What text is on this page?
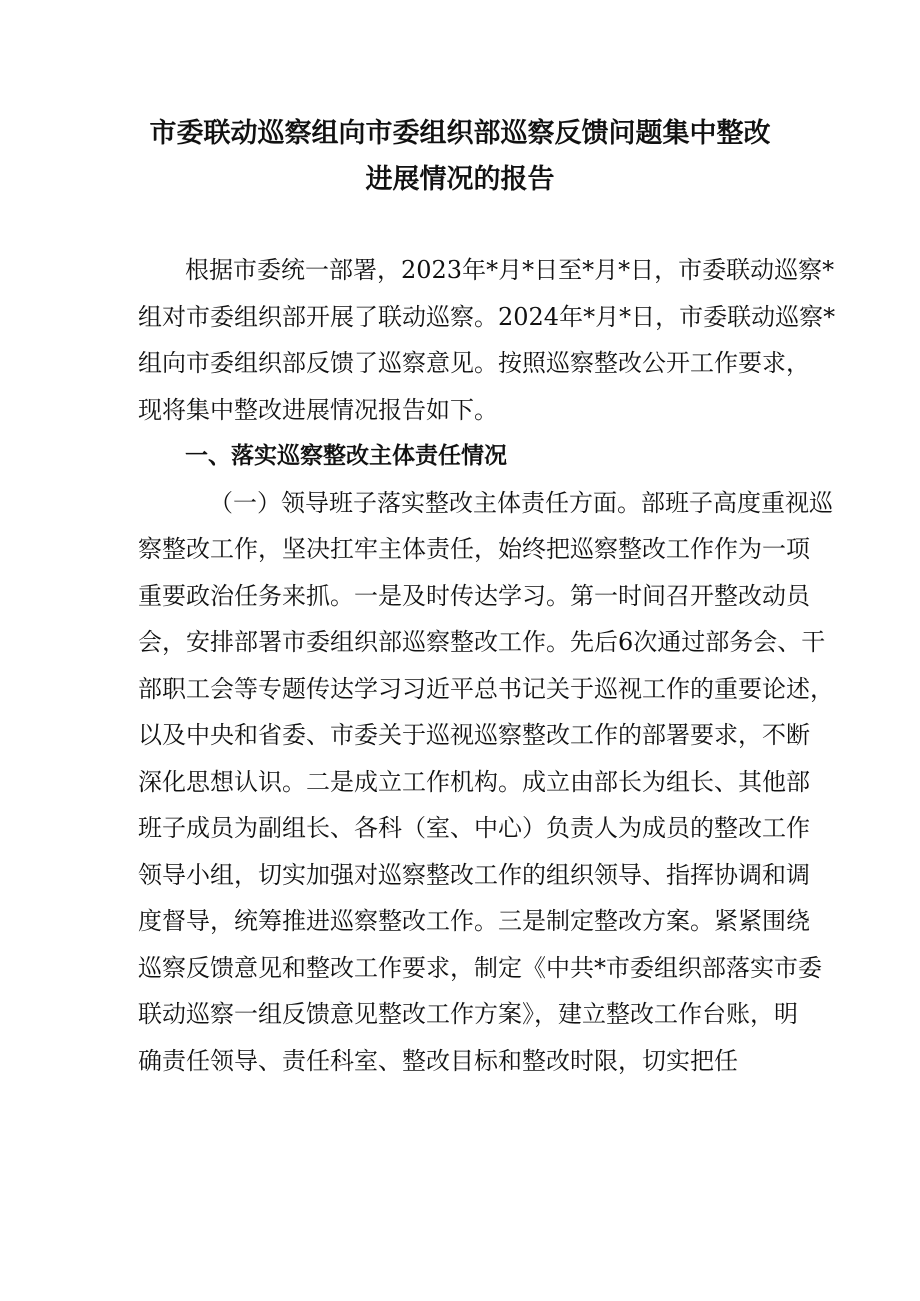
市委联动巡察组向市委组织部巡察反馈问题集中整改
进展情况的报告
根据市委统一部署，2023年*月*日至*月*日，市委联动巡察*
组对市委组织部开展了联动巡察。2024年*月*日，市委联动巡察*
组向市委组织部反馈了巡察意见。按照巡察整改公开工作要求，
现将集中整改进展情况报告如下。
一、落实巡察整改主体责任情况
（一）领导班子落实整改主体责任方面。部班子高度重视巡
察整改工作，坚决扛牢主体责任，始终把巡察整改工作作为一项
重要政治任务来抓。一是及时传达学习。第一时间召开整改动员
会，安排部署市委组织部巡察整改工作。先后6次通过部务会、干
部职工会等专题传达学习习近平总书记关于巡视工作的重要论述，
以及中央和省委、市委关于巡视巡察整改工作的部署要求，不断
深化思想认识。二是成立工作机构。成立由部长为组长、其他部
班子成员为副组长、各科（室、中心）负责人为成员的整改工作
领导小组，切实加强对巡察整改工作的组织领导、指挥协调和调
度督导，统筹推进巡察整改工作。三是制定整改方案。紧紧围绕
巡察反馈意见和整改工作要求，制定《中共*市委组织部落实市委
联动巡察一组反馈意见整改工作方案》，建立整改工作台账，明
确责任领导、责任科室、整改目标和整改时限，切实把任
